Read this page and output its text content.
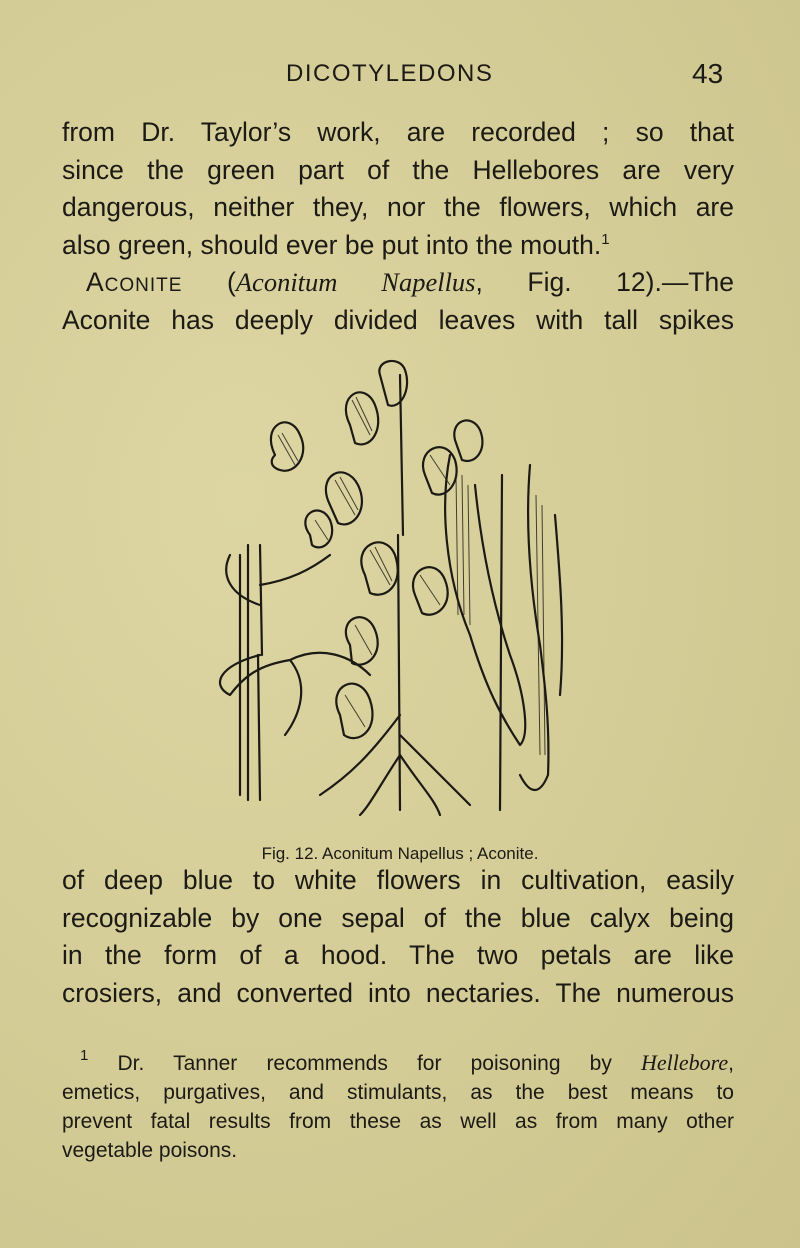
DICOTYLEDONS	43
from Dr. Taylor’s work, are recorded ; so that
since the green part of the Hellebores are very
dangerous, neither they, nor the flowers, which are
also green, should ever be put into the mouth.$^1$
Aconite (Aconitum Napellus, Fig. 12).—The
Aconite has deeply divided leaves with tall spikes
Fig. 12. Aconitum Napellus ; Aconite.
of deep blue to white flowers in cultivation, easily
recognizable by one sepal of the blue calyx being
in the form of a hood. The two petals are like
crosiers, and converted into nectaries. The numerous
$^1$ Dr. Tanner recommends for poisoning by Hellebore,
emetics, purgatives, and stimulants, as the best means to
prevent fatal results from these as well as from many other
vegetable poisons.
